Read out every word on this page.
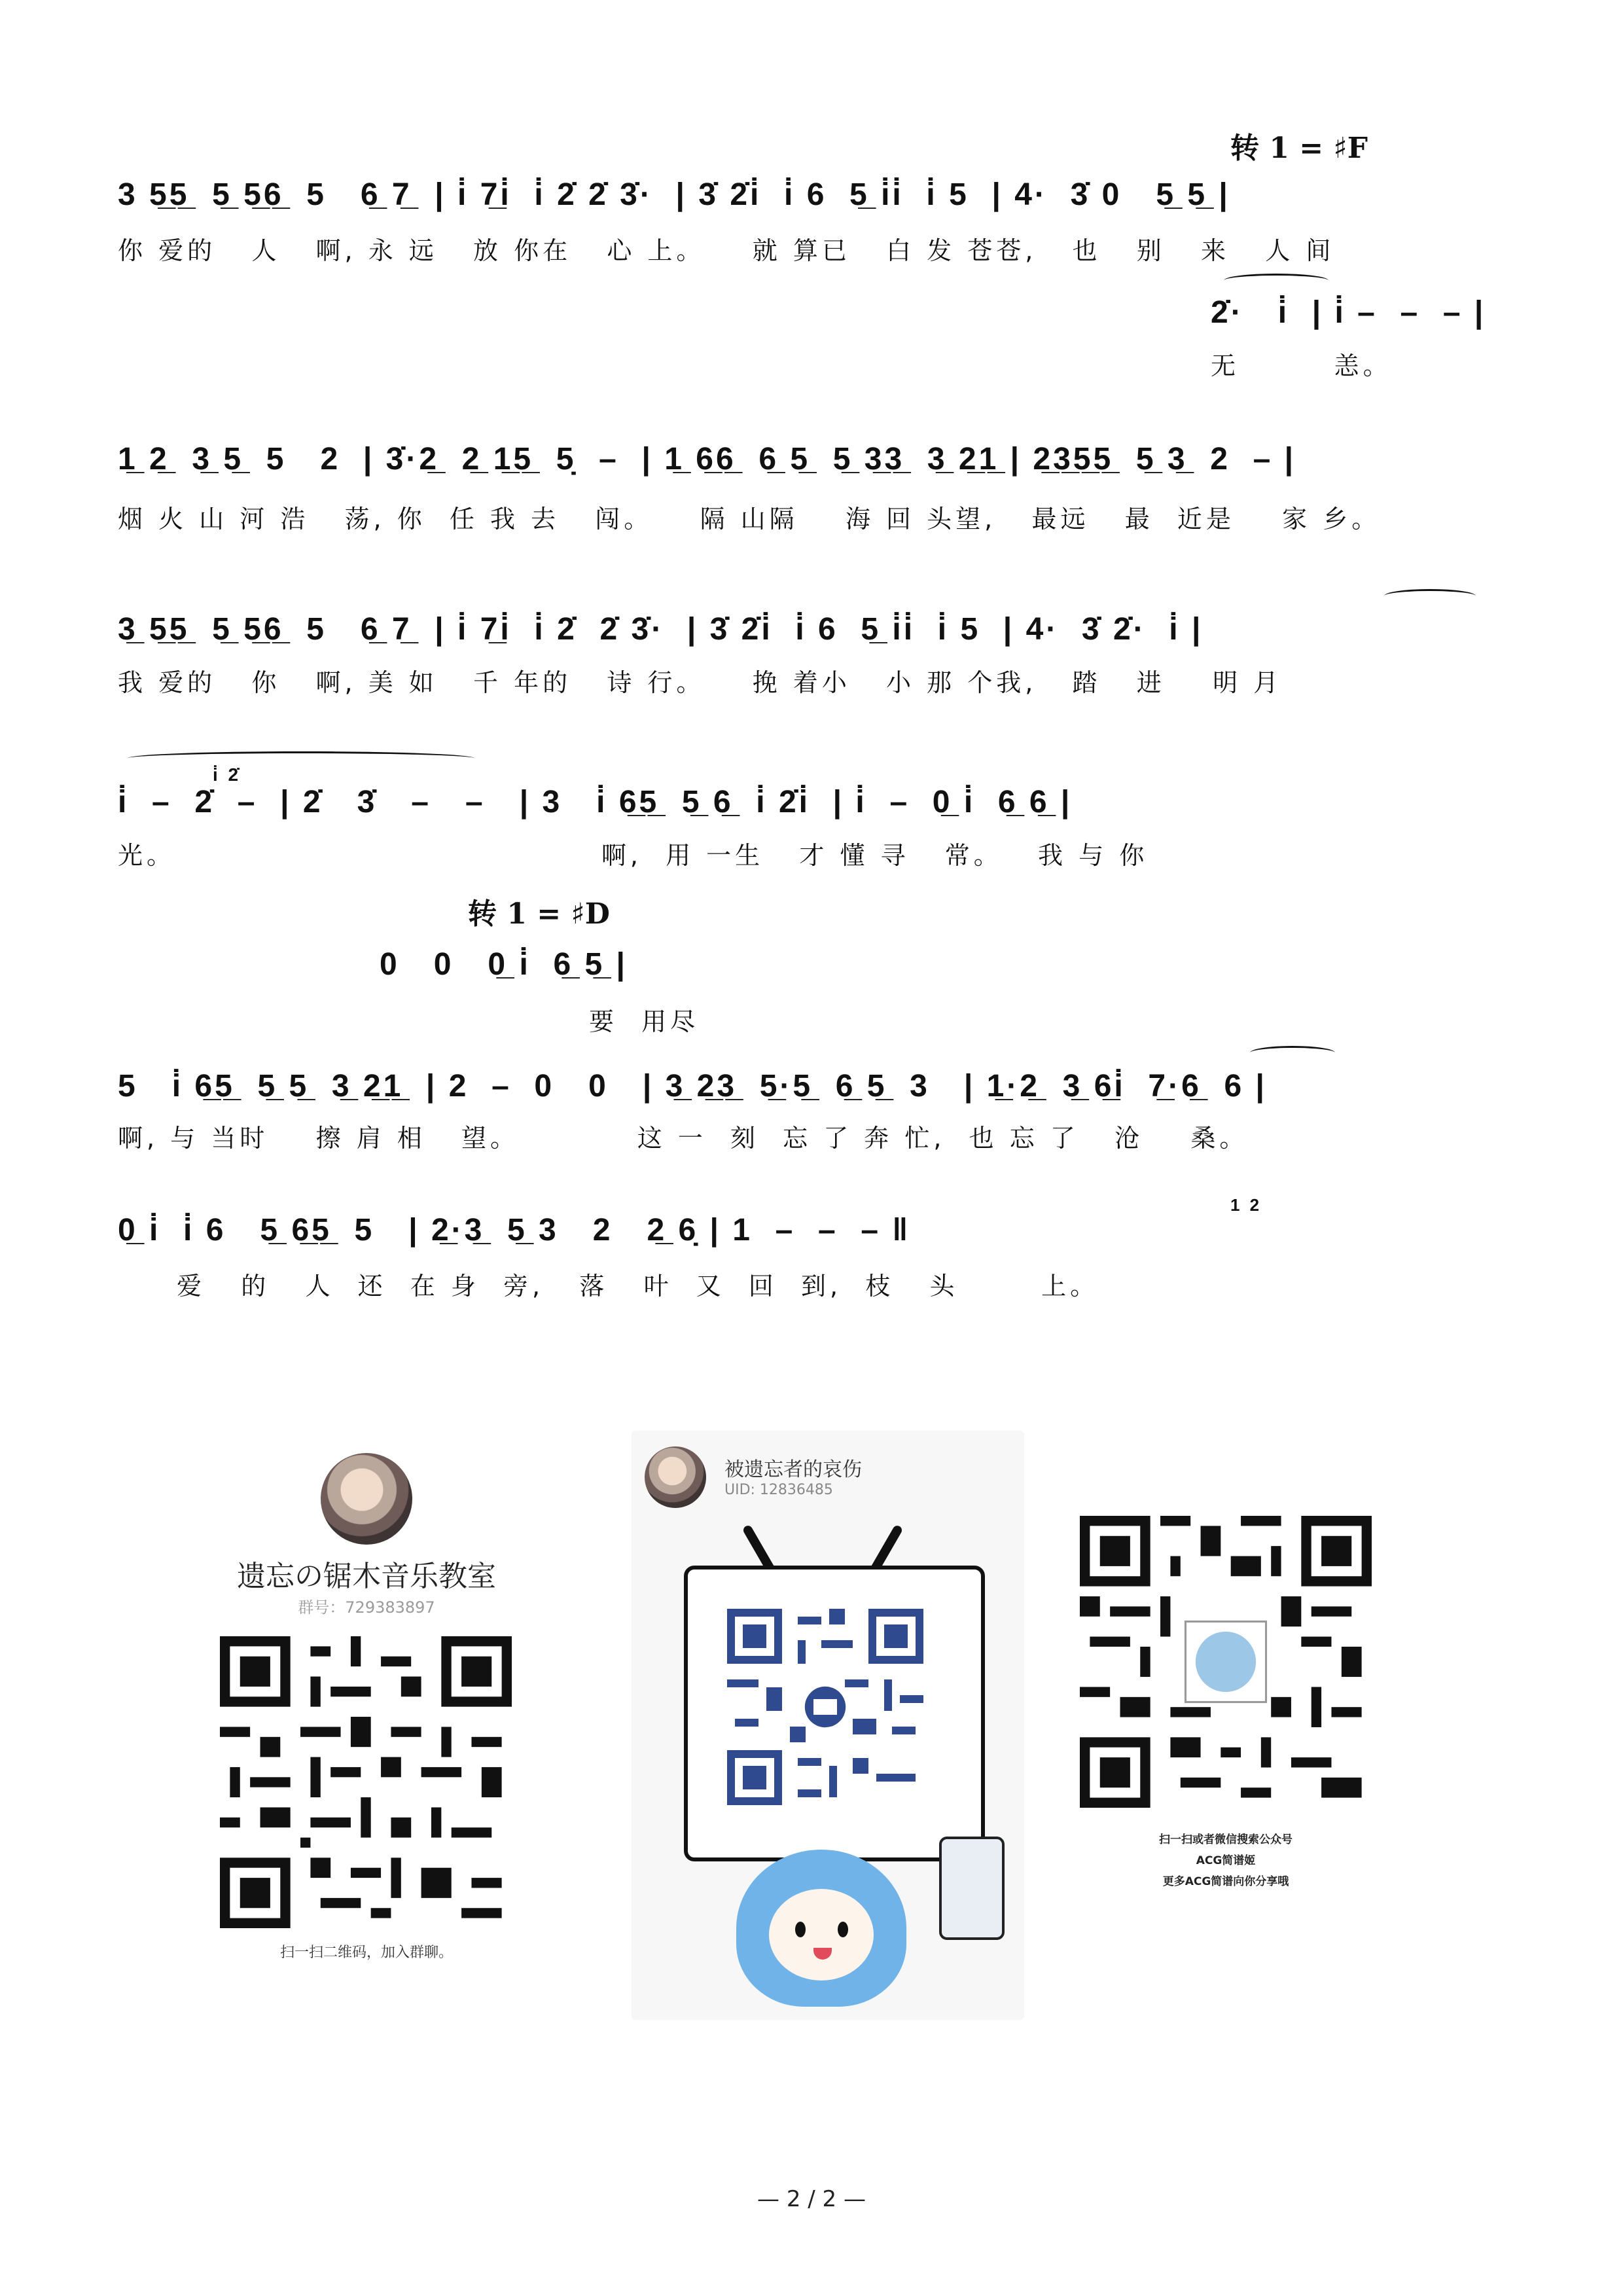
转 1 = ♯F
3 5̲5̲  5̲ 5̲6̲  5   6̲ 7̲  | i̇ 7̲i̇  i̇ 2̇ 2̇ 3̇·  | 3̇ 2̇i̇  i̇ 6  5̲ i̇i̇  i̇ 5  | 4·  3̇ 0   5̲ 5̲ |
你 爱的   人   啊, 永 远   放 你在   心 上。    就 算已   白 发 苍苍,   也   别   来   人 间
2̇·   i̇  | i̇ –  –  – |
无        恙。
1̲ 2̲  3̲ 5̲  5   2  | 3̇·2̲  2̲ 1̲5̲  5̣  –  | 1̲ 6̲6̲  6̲ 5̲  5̲ 3̲3̲  3̲ 2̲1̲ | 2̲3̲5̲5̲  5̲ 3̲  2  – |
烟 火 山 河 浩   荡, 你  任 我 去   闯。    隔 山隔    海 回 头望,   最远   最  近是    家 乡。
3̲ 5̲5̲  5̲ 5̲6̲  5   6̲ 7̲  | i̇ 7̲i̇  i̇ 2̇  2̇ 3̇·  | 3̇ 2̇i̇  i̇ 6  5̲ i̇i̇  i̇ 5  | 4·  3̇ 2̇·  i̇ |
我 爱的   你   啊, 美 如   千 年的   诗 行。    挽 着小   小 那 个我,   踏   进    明 月
i̇  –  2̇  –  | 2̇   3̇   –   –   | 3   i̇ 6̲5̲  5̲ 6̲  i̇ 2̇i̇  | i̇  –  0̲ i̇  6̲ 6̲ |
i̇ 2̇
光。                                    啊,  用 一生   才 懂 寻   常。   我 与 你
转 1 = ♯D
0   0   0̲ i̇  6̲ 5̲ |
要  用尽
5   i̇ 6̲5̲  5̲ 5̲  3̲ 2̲1̲  | 2  –  0   0   | 3̲ 2̲3̲  5̲·5̲  6̲ 5̲  3   | 1̲·2̲  3̲ 6̲i̇  7̲·6̲  6 |
啊, 与 当时    擦 肩 相   望。          这 一  刻  忘 了 奔 忙,  也 忘 了   沧    桑。
0̲ i̇  i̇ 6   5̲ 6̲5̲  5   | 2̲·3̲  5̲ 3   2   2̲ 6̣ | 1  –  –  – ‖
1 2
爱   的   人  还  在 身  旁,   落   叶  又  回  到,  枝   头       上。
遗忘の锯木音乐教室
群号：729383897
扫一扫二维码，加入群聊。
被遗忘者的哀伤
UID: 12836485
扫一扫或者微信搜索公众号
ACG简谱姬
更多ACG简谱向你分享哦
— 2 / 2 —
